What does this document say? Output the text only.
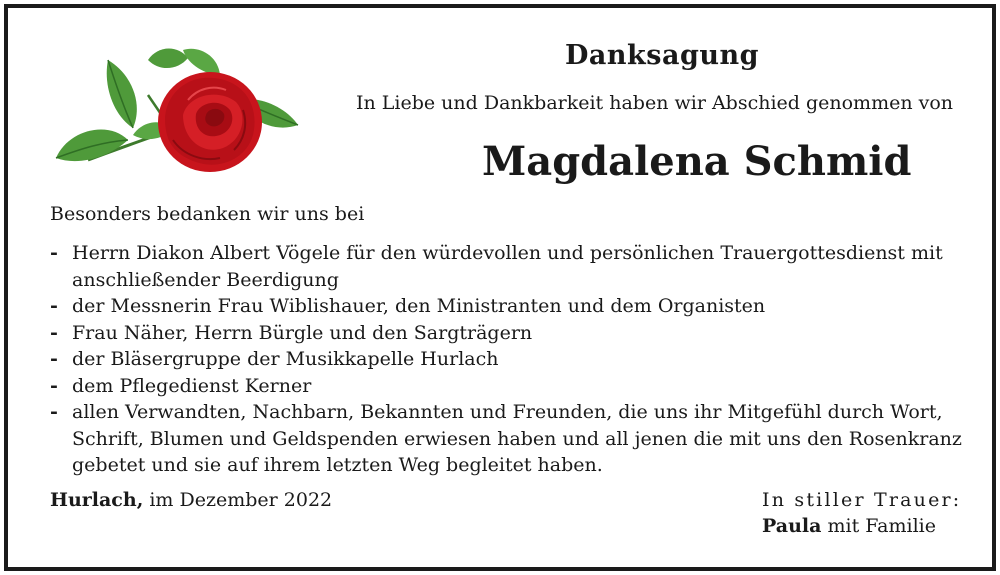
Danksagung
In Liebe und Dankbarkeit haben wir Abschied genommen von
Magdalena Schmid
Besonders bedanken wir uns bei
- Herrn Diakon Albert Vögele für den würdevollen und persönlichen Trauergottesdienst mit anschließender Beerdigung
- der Messnerin Frau Wiblishauer, den Ministranten und dem Organisten
- Frau Näher, Herrn Bürgle und den Sargträgern
- der Bläsergruppe der Musikkapelle Hurlach
- dem Pflegedienst Kerner
- allen Verwandten, Nachbarn, Bekannten und Freunden, die uns ihr Mitgefühl durch Wort, Schrift, Blumen und Geldspenden erwiesen haben und all jenen die mit uns den Rosenkranz gebetet und sie auf ihrem letzten Weg begleitet haben.
Hurlach, im Dezember 2022	In stiller Trauer:
Paula mit Familie
